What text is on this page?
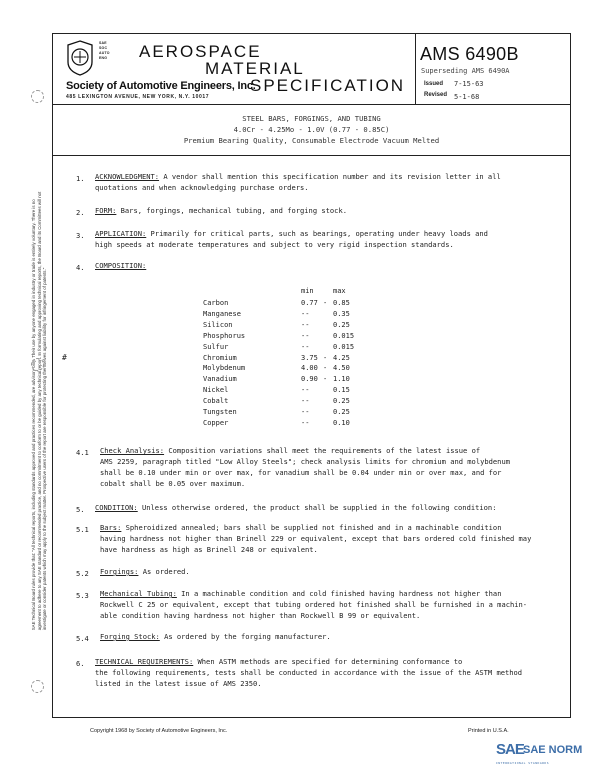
SAE
SOC
AUTO
ENG AEROSPACE
MATERIAL
SPECIFICATION
Society of Automotive Engineers, Inc.
485 LEXINGTON AVENUE, NEW YORK, N.Y. 10017
AMS 6490B
Superseding AMS 6490A
Issued 7-15-63
Revised 5-1-68
STEEL BARS, FORGINGS, AND TUBING
4.0Cr - 4.25Mo - 1.0V (0.77 - 0.85C)
Premium Bearing Quality, Consumable Electrode Vacuum Melted
1. ACKNOWLEDGMENT: A vendor shall mention this specification number and its revision letter in all
quotations and when acknowledging purchase orders.
2. FORM: Bars, forgings, mechanical tubing, and forging stock.
3. APPLICATION: Primarily for critical parts, such as bearings, operating under heavy loads and
high speeds at moderate temperatures and subject to very rigid inspection standards.
4. COMPOSITION:
min	max
Carbon	0.77 - 0.85
Manganese	--	0.35
Silicon	--	0.25
Phosphorus	--	0.015
Sulfur	--	0.015
Chromium	3.75 - 4.25
Molybdenum	4.00 - 4.50
Vanadium	0.90 - 1.10
Nickel	--	0.15
Cobalt	--	0.25
Tungsten	--	0.25
Copper	--	0.10
#
4.1 Check Analysis: Composition variations shall meet the requirements of the latest issue of
AMS 2259, paragraph titled "Low Alloy Steels"; check analysis limits for chromium and molybdenum
shall be 0.10 under min or over max, for vanadium shall be 0.04 under min or over max, and for
cobalt shall be 0.05 over maximum.
5. CONDITION: Unless otherwise ordered, the product shall be supplied in the following condition:
5.1 Bars: Spheroidized annealed; bars shall be supplied not finished and in a machinable condition
having hardness not higher than Brinell 229 or equivalent, except that bars ordered cold finished may
have hardness as high as Brinell 248 or equivalent.
5.2 Forgings: As ordered.
5.3 Mechanical Tubing: In a machinable condition and cold finished having hardness not higher than
Rockwell C 25 or equivalent, except that tubing ordered hot finished shall be furnished in a machin-
able condition having hardness not higher than Rockwell B 99 or equivalent.
5.4 Forging Stock: As ordered by the forging manufacturer.
6. TECHNICAL REQUIREMENTS: When ASTM methods are specified for determining conformance to
the following requirements, tests shall be conducted in accordance with the issue of the ASTM method
listed in the latest issue of AMS 2350.
SAE Technical Board rules provide that: "All technical reports, including standards approved and practices recommended, are advisory only. Their use by anyone engaged in industry or trade is entirely voluntary. There is no agreement to adhere to any SAE standard or recommended practice, and no commitment to conform to or be guided by any technical report. In formulating and approving technical reports, the Board and its Committees will not investigate or consider patents which may apply to the subject matter. Prospective users of the report are responsible for protecting themselves against liability for infringement of patents."
Copyright 1968 by Society of Automotive Engineers, Inc.	Printed in U.S.A.
SAE SAE NORM
INTERNATIONAL STANDARDS
